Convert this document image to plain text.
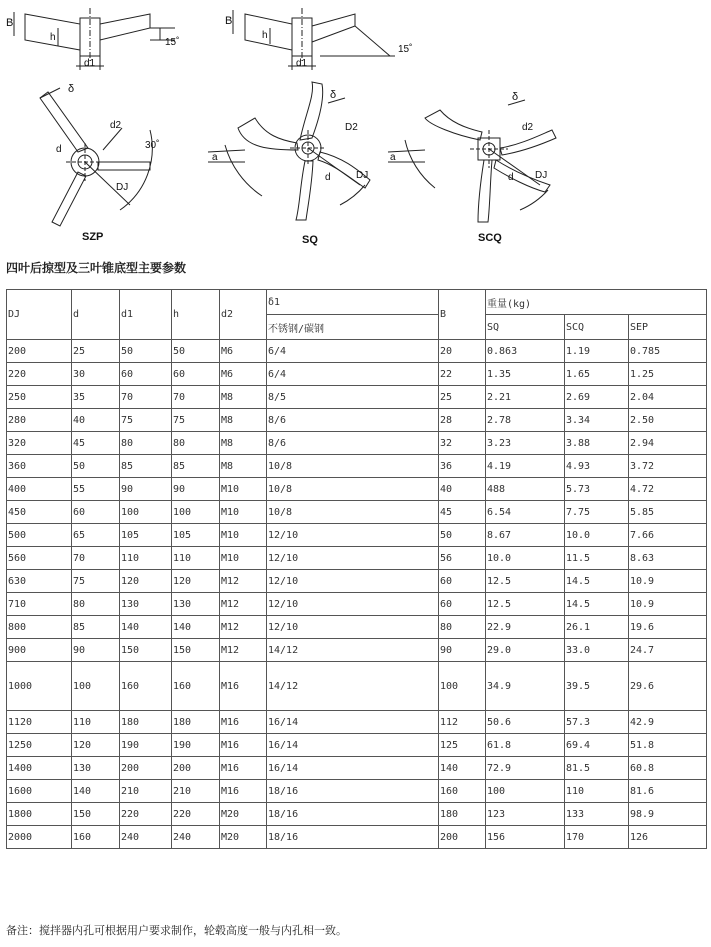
B
h
d1
15˚
B
h
d1
15˚
δ
d2
30˚
d
DJ
δ
D2
a
d	DJ
δ
d2
a
d DJ
SZP	SQ	SCQ
四叶后掠型及三叶锥底型主要参数
DJ	d	d1	h	d2	δ1	B	重量(kg)		
					不锈钢/碳钢		SQ	SCQ	SEP
200	25	50	50	M6	6/4	20	0.863	1.19	0.785
220	30	60	60	M6	6/4	22	1.35	1.65	1.25
250	35	70	70	M8	8/5	25	2.21	2.69	2.04
280	40	75	75	M8	8/6	28	2.78	3.34	2.50
320	45	80	80	M8	8/6	32	3.23	3.88	2.94
360	50	85	85	M8	10/8	36	4.19	4.93	3.72
400	55	90	90	M10	10/8	40	488	5.73	4.72
450	60	100	100	M10	10/8	45	6.54	7.75	5.85
500	65	105	105	M10	12/10	50	8.67	10.0	7.66
560	70	110	110	M10	12/10	56	10.0	11.5	8.63
630	75	120	120	M12	12/10	60	12.5	14.5	10.9
710	80	130	130	M12	12/10	60	12.5	14.5	10.9
800	85	140	140	M12	12/10	80	22.9	26.1	19.6
900	90	150	150	M12	14/12	90	29.0	33.0	24.7
1000	100	160	160	M16	14/12	100	34.9	39.5	29.6
1120	110	180	180	M16	16/14	112	50.6	57.3	42.9
1250	120	190	190	M16	16/14	125	61.8	69.4	51.8
1400	130	200	200	M16	16/14	140	72.9	81.5	60.8
1600	140	210	210	M16	18/16	160	100	110	81.6
1800	150	220	220	M20	18/16	180	123	133	98.9
2000	160	240	240	M20	18/16	200	156	170	126
备注：搅拌器内孔可根据用户要求制作，轮毂高度一般与内孔相一致。
